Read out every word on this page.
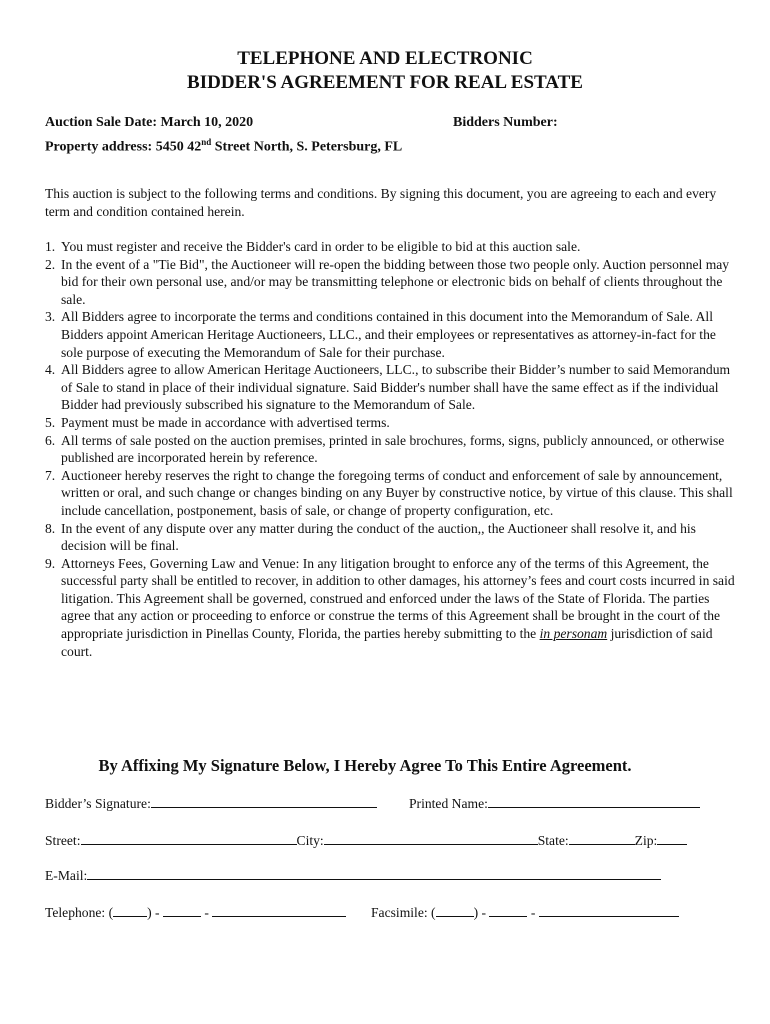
TELEPHONE AND ELECTRONIC
BIDDER'S AGREEMENT FOR REAL ESTATE
Auction Sale Date: March 10, 2020	Bidders Number:
Property address: 5450 42nd Street North, S. Petersburg, FL
This auction is subject to the following terms and conditions. By signing this document, you are agreeing to each and every term and condition contained herein.
1. You must register and receive the Bidder's card in order to be eligible to bid at this auction sale.
2. In the event of a "Tie Bid", the Auctioneer will re-open the bidding between those two people only. Auction personnel may bid for their own personal use, and/or may be transmitting telephone or electronic bids on behalf of clients throughout the sale.
3. All Bidders agree to incorporate the terms and conditions contained in this document into the Memorandum of Sale. All Bidders appoint American Heritage Auctioneers, LLC., and their employees or representatives as attorney-in-fact for the sole purpose of executing the Memorandum of Sale for their purchase.
4. All Bidders agree to allow American Heritage Auctioneers, LLC., to subscribe their Bidder’s number to said Memorandum of Sale to stand in place of their individual signature. Said Bidder's number shall have the same effect as if the individual Bidder had previously subscribed his signature to the Memorandum of Sale.
5. Payment must be made in accordance with advertised terms.
6. All terms of sale posted on the auction premises, printed in sale brochures, forms, signs, publicly announced, or otherwise published are incorporated herein by reference.
7. Auctioneer hereby reserves the right to change the foregoing terms of conduct and enforcement of sale by announcement, written or oral, and such change or changes binding on any Buyer by constructive notice, by virtue of this clause. This shall include cancellation, postponement, basis of sale, or change of property configuration, etc.
8. In the event of any dispute over any matter during the conduct of the auction,, the Auctioneer shall resolve it, and his decision will be final.
9. Attorneys Fees, Governing Law and Venue: In any litigation brought to enforce any of the terms of this Agreement, the successful party shall be entitled to recover, in addition to other damages, his attorney’s fees and court costs incurred in said litigation. This Agreement shall be governed, construed and enforced under the laws of the State of Florida. The parties agree that any action or proceeding to enforce or construe the terms of this Agreement shall be brought in the court of the appropriate jurisdiction in Pinellas County, Florida, the parties hereby submitting to the in personam jurisdiction of said court.
By Affixing My Signature Below, I Hereby Agree To This Entire Agreement.
Bidder’s Signature:	Printed Name:
Street:	City:	State:	Zip:
E-Mail:
Telephone: (	) -	-	Facsimile: (	) -	-
